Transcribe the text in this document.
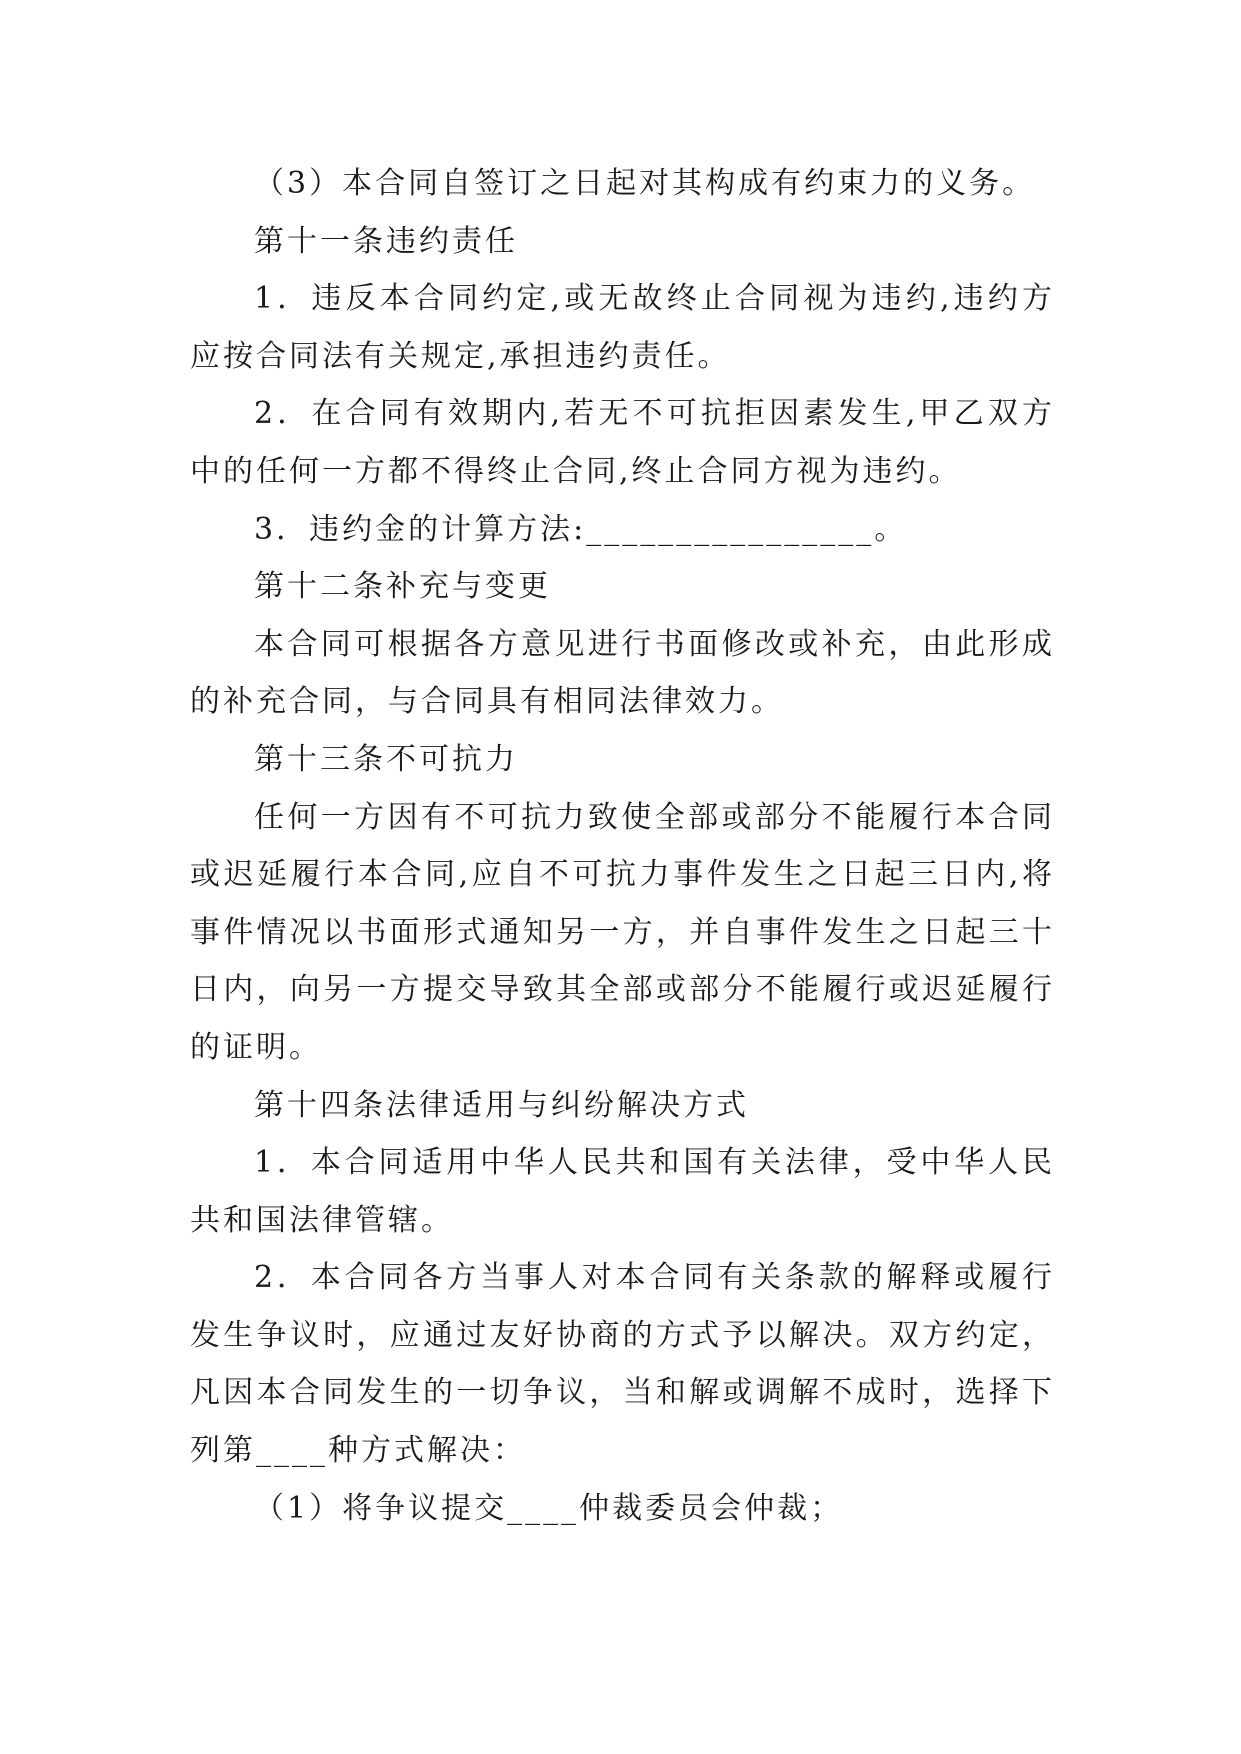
（3）本合同自签订之日起对其构成有约束力的义务。

第十一条违约责任

1．违反本合同约定,或无故终止合同视为违约,违约方应按合同法有关规定,承担违约责任。

2．在合同有效期内,若无不可抗拒因素发生,甲乙双方中的任何一方都不得终止合同,终止合同方视为违约。

3．违约金的计算方法:________________。

第十二条补充与变更

本合同可根据各方意见进行书面修改或补充，由此形成的补充合同，与合同具有相同法律效力。

第十三条不可抗力

任何一方因有不可抗力致使全部或部分不能履行本合同或迟延履行本合同,应自不可抗力事件发生之日起三日内,将事件情况以书面形式通知另一方，并自事件发生之日起三十日内，向另一方提交导致其全部或部分不能履行或迟延履行的证明。

第十四条法律适用与纠纷解决方式

1．本合同适用中华人民共和国有关法律，受中华人民共和国法律管辖。

2．本合同各方当事人对本合同有关条款的解释或履行发生争议时，应通过友好协商的方式予以解决。双方约定，凡因本合同发生的一切争议，当和解或调解不成时，选择下列第____种方式解决：

（1）将争议提交____仲裁委员会仲裁；
